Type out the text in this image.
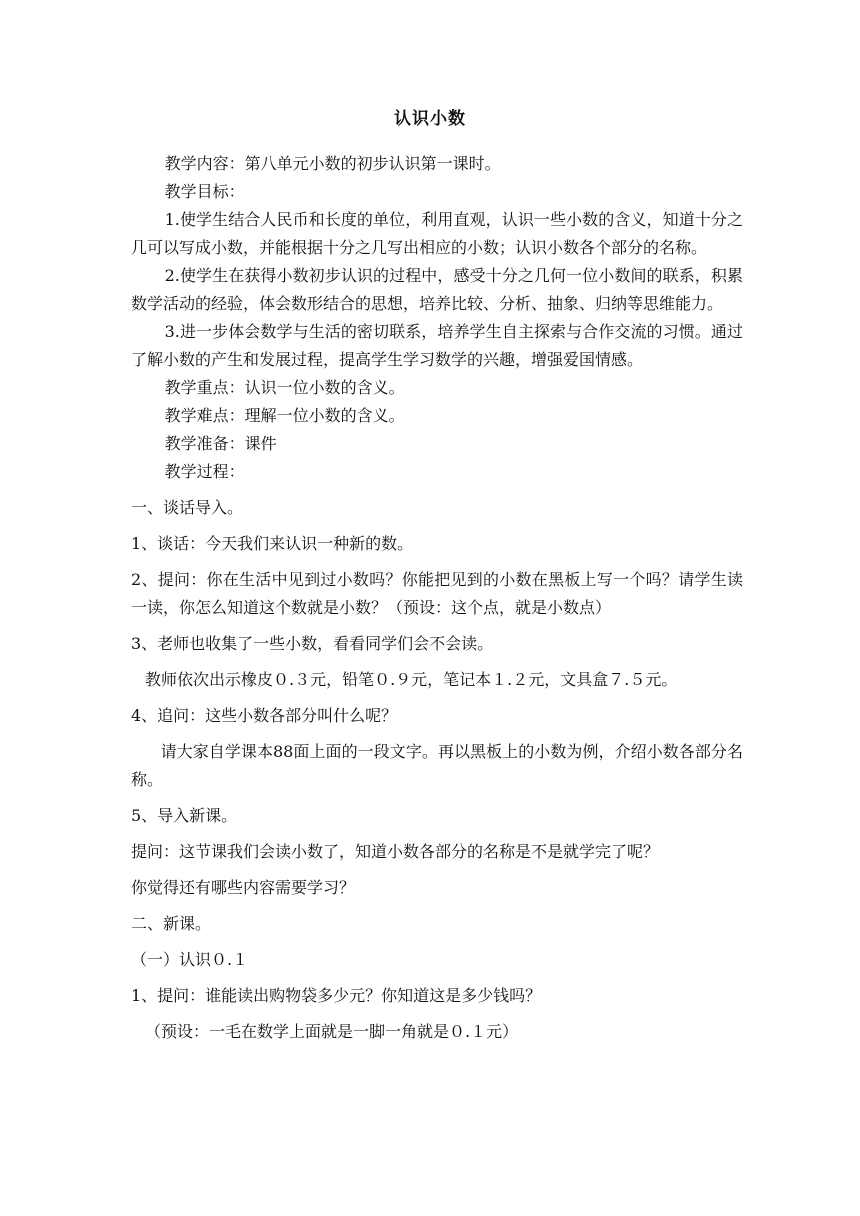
认识小数

教学内容：第八单元小数的初步认识第一课时。

教学目标：

1.使学生结合人民币和长度的单位，利用直观，认识一些小数的含义，知道十分之几可以写成小数，并能根据十分之几写出相应的小数；认识小数各个部分的名称。

2.使学生在获得小数初步认识的过程中，感受十分之几何一位小数间的联系，积累数学活动的经验，体会数形结合的思想，培养比较、分析、抽象、归纳等思维能力。

3.进一步体会数学与生活的密切联系，培养学生自主探索与合作交流的习惯。通过了解小数的产生和发展过程，提高学生学习数学的兴趣，增强爱国情感。

教学重点：认识一位小数的含义。

教学难点：理解一位小数的含义。

教学准备：课件

教学过程：

一、谈话导入。

1、谈话：今天我们来认识一种新的数。

2、提问：你在生活中见到过小数吗？你能把见到的小数在黑板上写一个吗？请学生读一读，你怎么知道这个数就是小数？（预设：这个点，就是小数点）

3、老师也收集了一些小数，看看同学们会不会读。

教师依次出示橡皮０.３元，铅笔０.９元，笔记本１.２元，文具盒７.５元。

4、追问：这些小数各部分叫什么呢？

请大家自学课本88面上面的一段文字。再以黑板上的小数为例，介绍小数各部分名称。

5、导入新课。

提问：这节课我们会读小数了，知道小数各部分的名称是不是就学完了呢？

你觉得还有哪些内容需要学习？

二、新课。

（一）认识０.１

1、提问：谁能读出购物袋多少元？你知道这是多少钱吗？

（预设：一毛在数学上面就是一脚一角就是０.１元）
